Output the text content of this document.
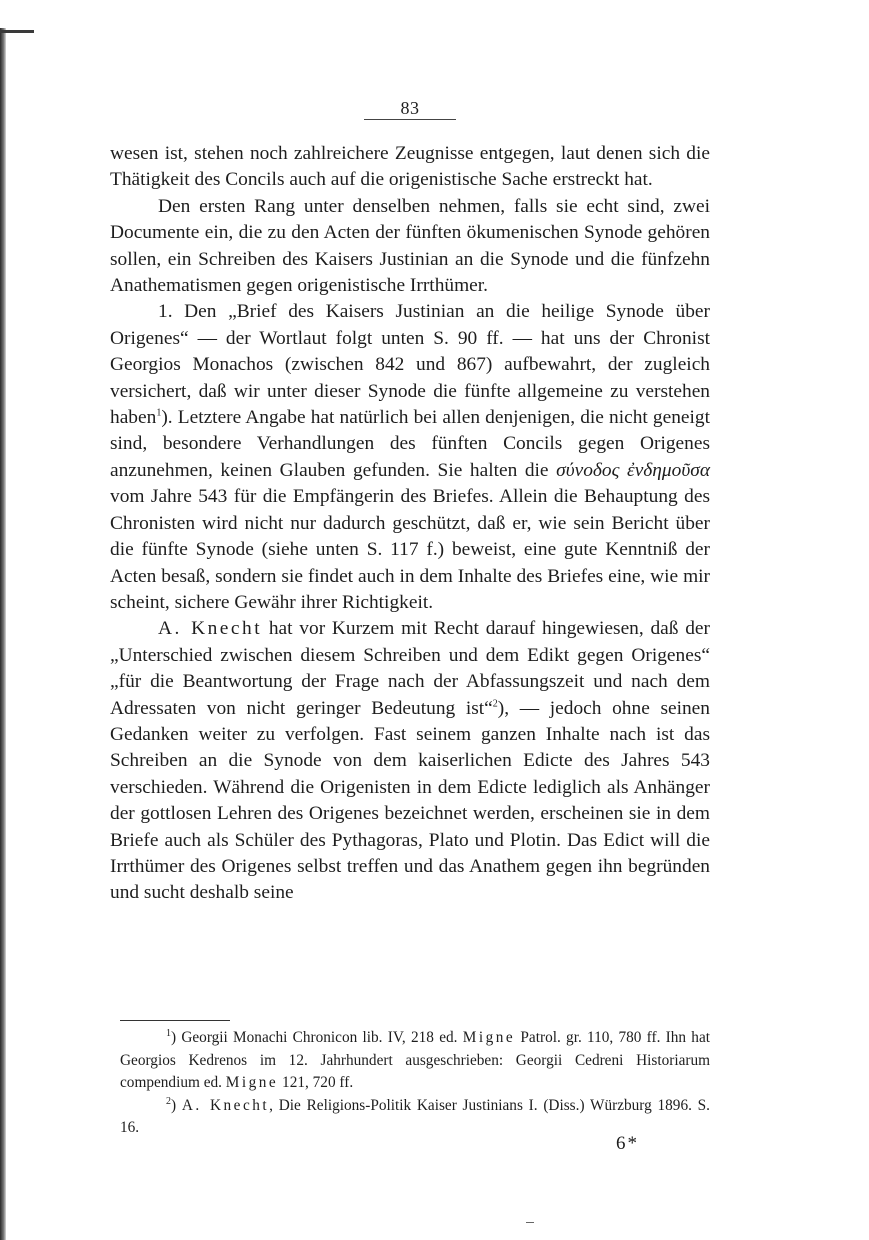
83

wesen ist, stehen noch zahlreichere Zeugnisse entgegen, laut denen sich die Thätigkeit des Concils auch auf die origenistische Sache erstreckt hat.

Den ersten Rang unter denselben nehmen, falls sie echt sind, zwei Documente ein, die zu den Acten der fünften ökumenischen Synode gehören sollen, ein Schreiben des Kaisers Justinian an die Synode und die fünfzehn Anathematismen gegen origenistische Irrthümer.

1. Den „Brief des Kaisers Justinian an die heilige Synode über Origenes“ — der Wortlaut folgt unten S. 90 ff. — hat uns der Chronist Georgios Monachos (zwischen 842 und 867) aufbewahrt, der zugleich versichert, daß wir unter dieser Synode die fünfte allgemeine zu verstehen haben$^1$). Letztere Angabe hat natürlich bei allen denjenigen, die nicht geneigt sind, besondere Verhandlungen des fünften Concils gegen Origenes anzunehmen, keinen Glauben gefunden. Sie halten die σύνοδος ἐνδημοῦσα vom Jahre 543 für die Empfängerin des Briefes. Allein die Behauptung des Chronisten wird nicht nur dadurch geschützt, daß er, wie sein Bericht über die fünfte Synode (siehe unten S. 117 f.) beweist, eine gute Kenntniß der Acten besaß, sondern sie findet auch in dem Inhalte des Briefes eine, wie mir scheint, sichere Gewähr ihrer Richtigkeit.

A. Knecht hat vor Kurzem mit Recht darauf hingewiesen, daß der „Unterschied zwischen diesem Schreiben und dem Edikt gegen Origenes“ „für die Beantwortung der Frage nach der Abfassungszeit und nach dem Adressaten von nicht geringer Bedeutung ist“$^2$), — jedoch ohne seinen Gedanken weiter zu verfolgen. Fast seinem ganzen Inhalte nach ist das Schreiben an die Synode von dem kaiserlichen Edicte des Jahres 543 verschieden. Während die Origenisten in dem Edicte lediglich als Anhänger der gottlosen Lehren des Origenes bezeichnet werden, erscheinen sie in dem Briefe auch als Schüler des Pythagoras, Plato und Plotin. Das Edict will die Irrthümer des Origenes selbst treffen und das Anathem gegen ihn begründen und sucht deshalb seine

$^1$) Georgii Monachi Chronicon lib. IV, 218 ed. Migne Patrol. gr. 110, 780 ff. Ihn hat Georgios Kedrenos im 12. Jahrhundert ausgeschrieben: Georgii Cedreni Historiarum compendium ed. Migne 121, 720 ff.

$^2$) A. Knecht, Die Religions-Politik Kaiser Justinians I. (Diss.) Würzburg 1896. S. 16.

6*
